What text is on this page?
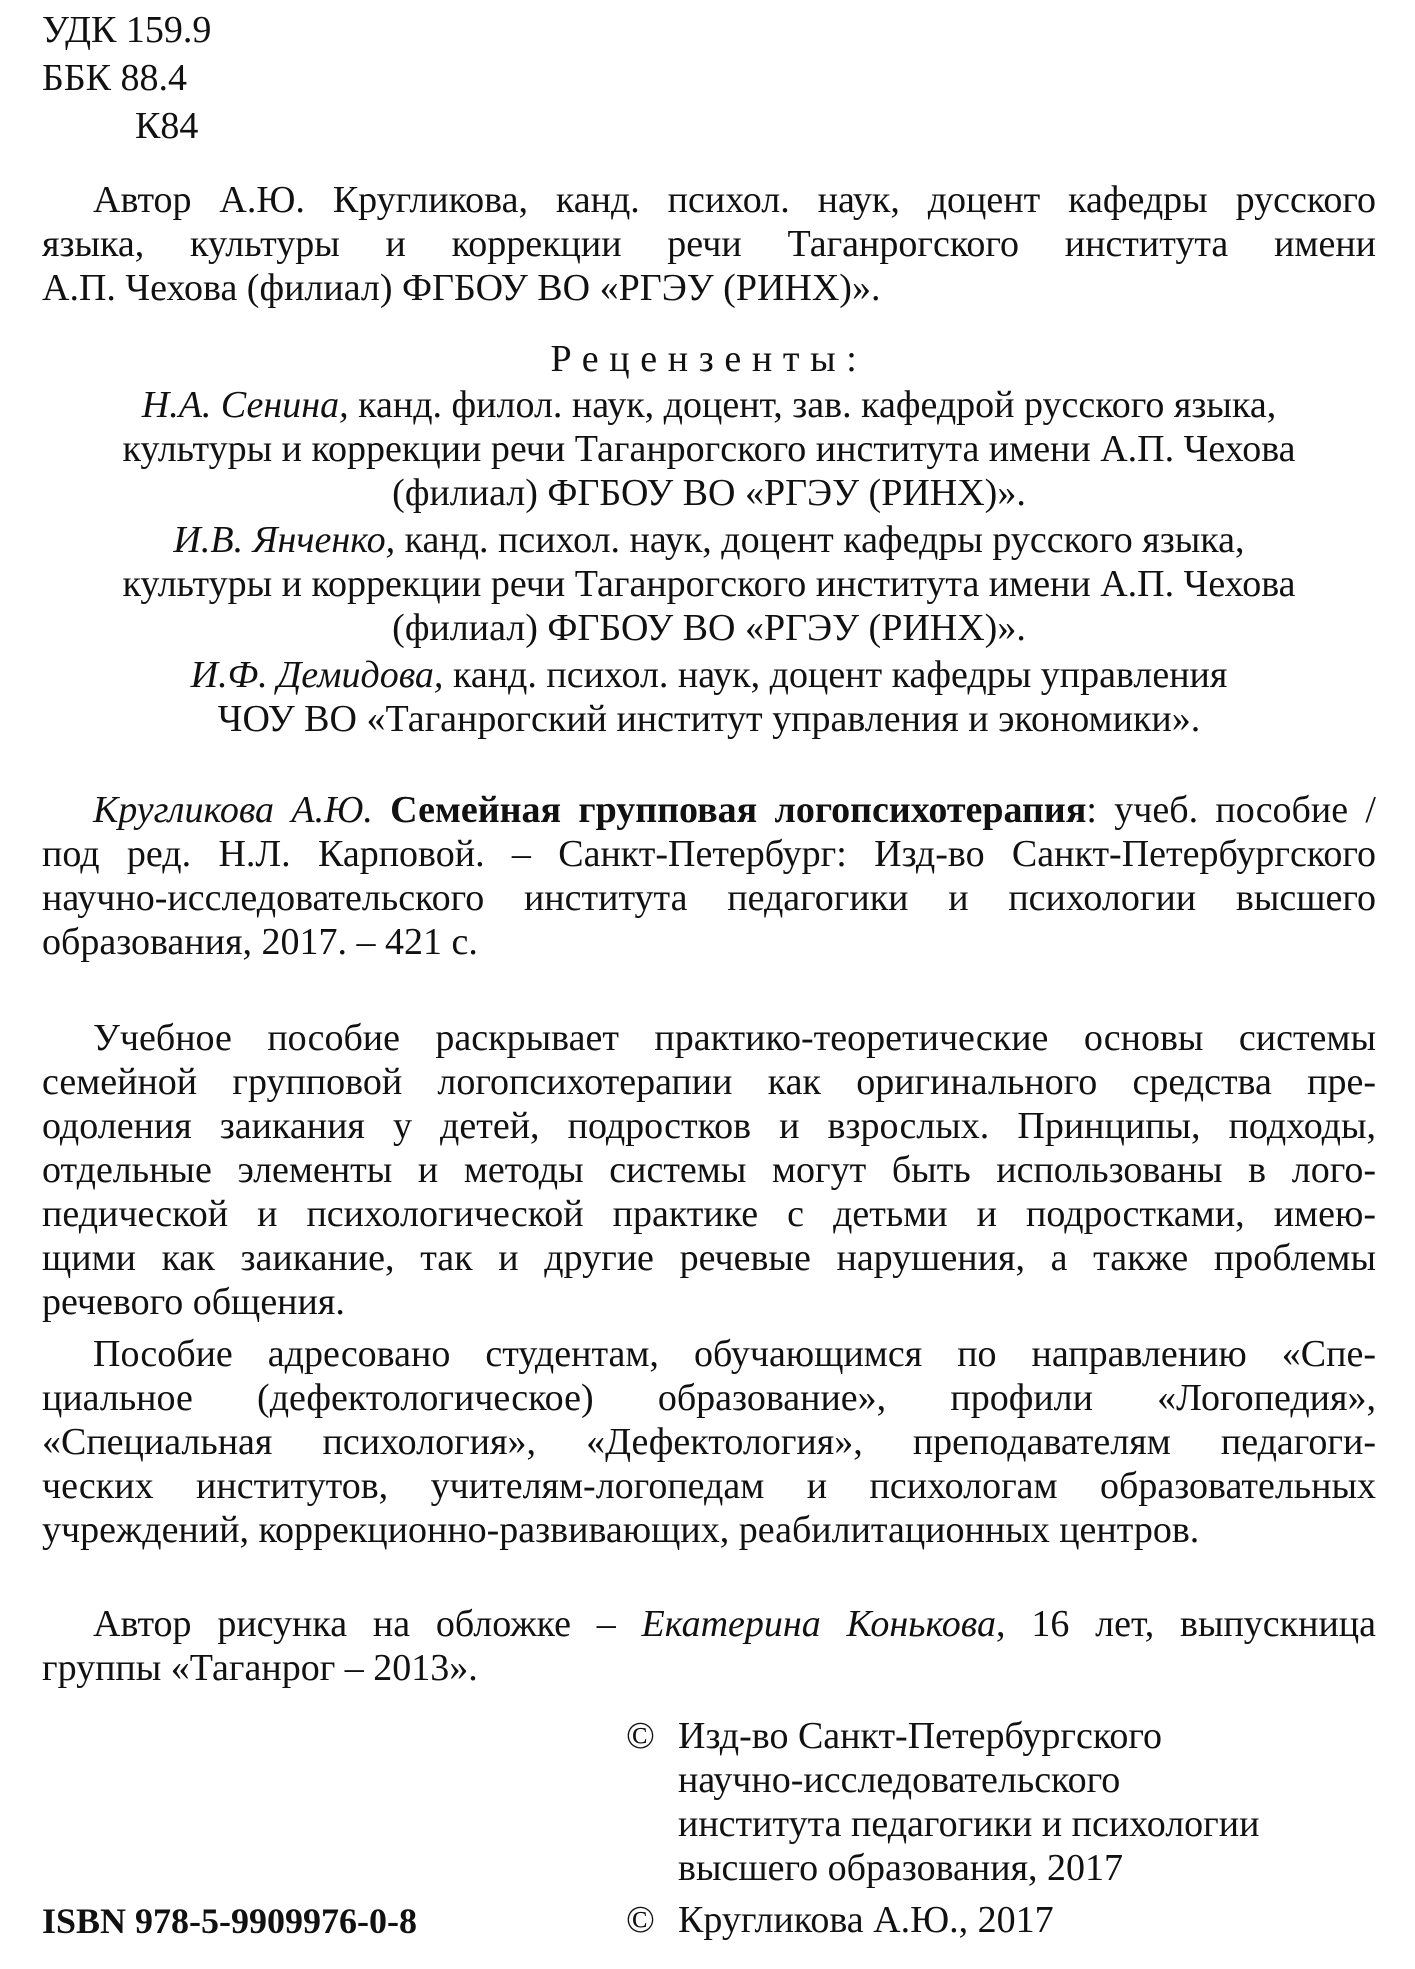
УДК 159.9
ББК 88.4
К84
Автор А.Ю. Кругликова, канд. психол. наук, доцент кафедры русского
языка, культуры и коррекции речи Таганрогского института имени
А.П. Чехова (филиал) ФГБОУ ВО «РГЭУ (РИНХ)».
Рецензенты:
Н.А. Сенина, канд. филол. наук, доцент, зав. кафедрой русского языка,
культуры и коррекции речи Таганрогского института имени А.П. Чехова
(филиал) ФГБОУ ВО «РГЭУ (РИНХ)».
И.В. Янченко, канд. психол. наук, доцент кафедры русского языка,
культуры и коррекции речи Таганрогского института имени А.П. Чехова
(филиал) ФГБОУ ВО «РГЭУ (РИНХ)».
И.Ф. Демидова, канд. психол. наук, доцент кафедры управления
ЧОУ ВО «Таганрогский институт управления и экономики».
Кругликова А.Ю. Семейная групповая логопсихотерапия: учеб. пособие /
под ред. Н.Л. Карповой. – Санкт-Петербург: Изд-во Санкт-Петербургского
научно-исследовательского института педагогики и психологии высшего
образования, 2017. – 421 с.
Учебное пособие раскрывает практико-теоретические основы системы
семейной групповой логопсихотерапии как оригинального средства пре-
одоления заикания у детей, подростков и взрослых. Принципы, подходы,
отдельные элементы и методы системы могут быть использованы в лого-
педической и психологической практике с детьми и подростками, имею-
щими как заикание, так и другие речевые нарушения, а также проблемы
речевого общения.
Пособие адресовано студентам, обучающимся по направлению «Спе-
циальное (дефектологическое) образование», профили «Логопедия»,
«Специальная психология», «Дефектология», преподавателям педагоги-
ческих институтов, учителям-логопедам и психологам образовательных
учреждений, коррекционно-развивающих, реабилитационных центров.
Автор рисунка на обложке – Екатерина Конькова, 16 лет, выпускница
группы «Таганрог – 2013».
© Изд-во Санкт-Петербургского
научно-исследовательского
института педагогики и психологии
высшего образования, 2017
ISBN 978-5-9909976-0-8	© Кругликова А.Ю., 2017
